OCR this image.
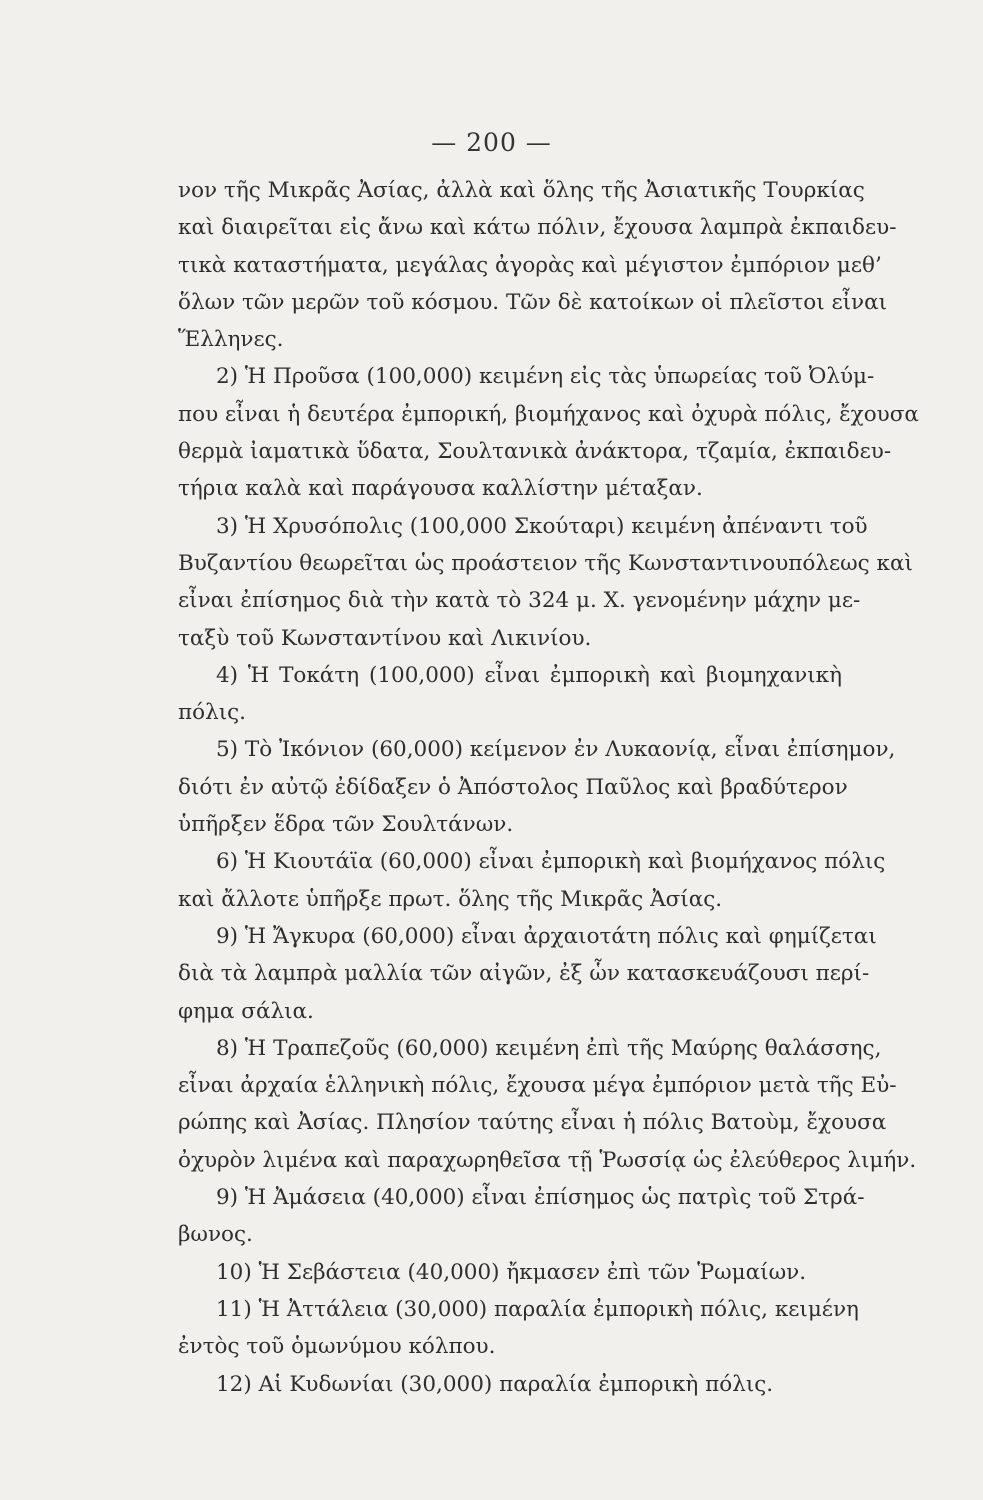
— 200 —
νον τῆς Μικρᾶς Ἀσίας, ἀλλὰ καὶ ὅλης τῆς Ἀσιατικῆς Τουρκίας
καὶ διαιρεῖται εἰς ἄνω καὶ κάτω πόλιν, ἔχουσα λαμπρὰ ἐκπαιδευ-
τικὰ καταστήματα, μεγάλας ἀγορὰς καὶ μέγιστον ἐμπόριον μεθ’
ὅλων τῶν μερῶν τοῦ κόσμου. Τῶν δὲ κατοίκων οἱ πλεῖστοι εἶναι
Ἕλληνες.
2) Ἡ Προῦσα (100,000) κειμένη εἰς τὰς ὑπωρείας τοῦ Ὀλύμ-
που εἶναι ἡ δευτέρα ἐμπορική, βιομήχανος καὶ ὀχυρὰ πόλις, ἔχουσα
θερμὰ ἰαματικὰ ὕδατα, Σουλτανικὰ ἀνάκτορα, τζαμία, ἐκπαιδευ-
τήρια καλὰ καὶ παράγουσα καλλίστην μέταξαν.
3) Ἡ Χρυσόπολις (100,000 Σκούταρι) κειμένη ἀπέναντι τοῦ
Βυζαντίου θεωρεῖται ὡς προάστειον τῆς Κωνσταντινουπόλεως καὶ
εἶναι ἐπίσημος διὰ τὴν κατὰ τὸ 324 μ. Χ. γενομένην μάχην με-
ταξὺ τοῦ Κωνσταντίνου καὶ Λικινίου.
4) Ἡ Τοκάτη (100,000) εἶναι ἐμπορικὴ καὶ βιομηχανικὴ
πόλις.
5) Τὸ Ἰκόνιον (60,000) κείμενον ἐν Λυκαονίᾳ, εἶναι ἐπίσημον,
διότι ἐν αὐτῷ ἐδίδαξεν ὁ Ἀπόστολος Παῦλος καὶ βραδύτερον
ὑπῆρξεν ἕδρα τῶν Σουλτάνων.
6) Ἡ Κιουτάϊα (60,000) εἶναι ἐμπορικὴ καὶ βιομήχανος πόλις
καὶ ἄλλοτε ὑπῆρξε πρωτ. ὅλης τῆς Μικρᾶς Ἀσίας.
9) Ἡ Ἄγκυρα (60,000) εἶναι ἀρχαιοτάτη πόλις καὶ φημίζεται
διὰ τὰ λαμπρὰ μαλλία τῶν αἰγῶν, ἐξ ὧν κατασκευάζουσι περί-
φημα σάλια.
8) Ἡ Τραπεζοῦς (60,000) κειμένη ἐπὶ τῆς Μαύρης θαλάσσης,
εἶναι ἀρχαία ἑλληνικὴ πόλις, ἔχουσα μέγα ἐμπόριον μετὰ τῆς Εὐ-
ρώπης καὶ Ἀσίας. Πλησίον ταύτης εἶναι ἡ πόλις Βατοὺμ, ἔχουσα
ὀχυρὸν λιμένα καὶ παραχωρηθεῖσα τῇ Ῥωσσίᾳ ὡς ἐλεύθερος λιμήν.
9) Ἡ Ἀμάσεια (40,000) εἶναι ἐπίσημος ὡς πατρὶς τοῦ Στρά-
βωνος.
10) Ἡ Σεβάστεια (40,000) ἤκμασεν ἐπὶ τῶν Ῥωμαίων.
11) Ἡ Ἀττάλεια (30,000) παραλία ἐμπορικὴ πόλις, κειμένη
ἐντὸς τοῦ ὁμωνύμου κόλπου.
12) Αἱ Κυδωνίαι (30,000) παραλία ἐμπορικὴ πόλις.
